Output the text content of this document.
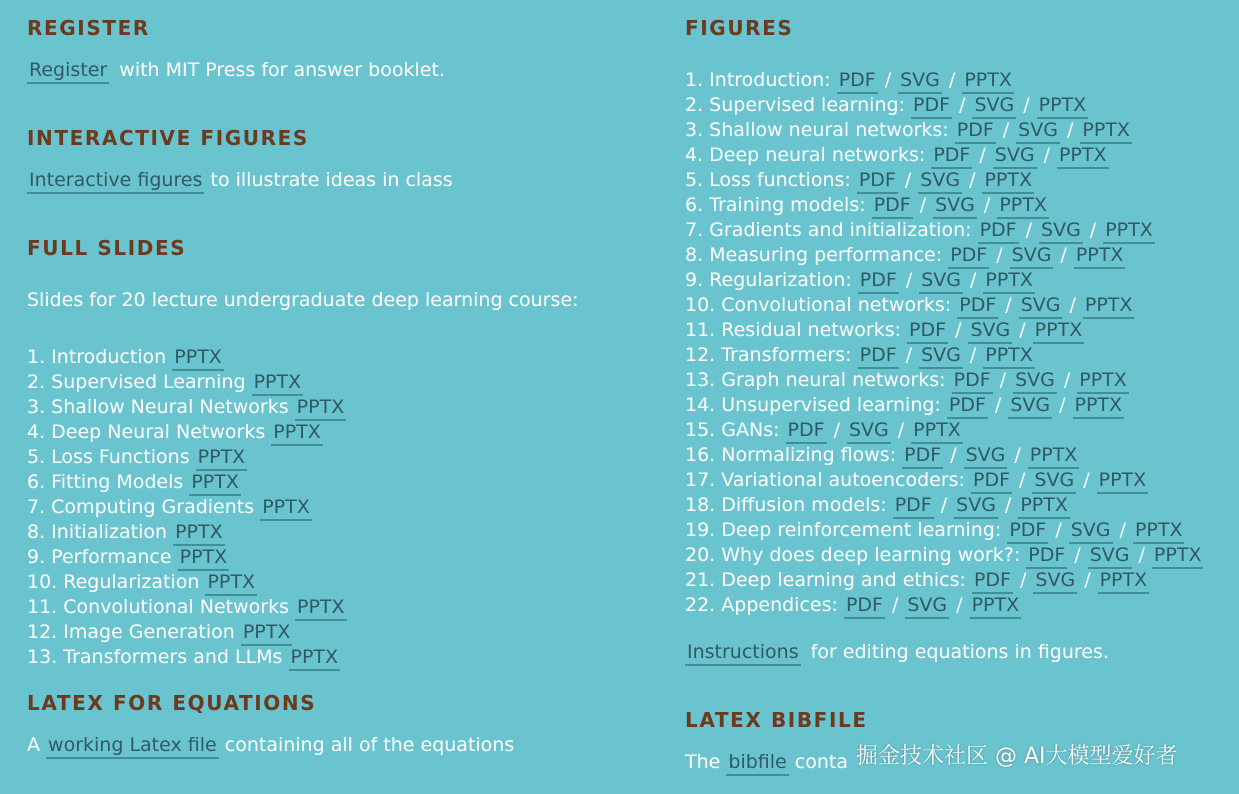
REGISTER
Register with MIT Press for answer booklet.
INTERACTIVE FIGURES
Interactive figures to illustrate ideas in class
FULL SLIDES
Slides for 20 lecture undergraduate deep learning course:
1. Introduction PPTX
2. Supervised Learning PPTX
3. Shallow Neural Networks PPTX
4. Deep Neural Networks PPTX
5. Loss Functions PPTX
6. Fitting Models PPTX
7. Computing Gradients PPTX
8. Initialization PPTX
9. Performance PPTX
10. Regularization PPTX
11. Convolutional Networks PPTX
12. Image Generation PPTX
13. Transformers and LLMs PPTX
LATEX FOR EQUATIONS
A working Latex file containing all of the equations
FIGURES
1. Introduction: PDF / SVG / PPTX
2. Supervised learning: PDF / SVG / PPTX
3. Shallow neural networks: PDF / SVG / PPTX
4. Deep neural networks: PDF / SVG / PPTX
5. Loss functions: PDF / SVG / PPTX
6. Training models: PDF / SVG / PPTX
7. Gradients and initialization: PDF / SVG / PPTX
8. Measuring performance: PDF / SVG / PPTX
9. Regularization: PDF / SVG / PPTX
10. Convolutional networks: PDF / SVG / PPTX
11. Residual networks: PDF / SVG / PPTX
12. Transformers: PDF / SVG / PPTX
13. Graph neural networks: PDF / SVG / PPTX
14. Unsupervised learning: PDF / SVG / PPTX
15. GANs: PDF / SVG / PPTX
16. Normalizing flows: PDF / SVG / PPTX
17. Variational autoencoders: PDF / SVG / PPTX
18. Diffusion models: PDF / SVG / PPTX
19. Deep reinforcement learning: PDF / SVG / PPTX
20. Why does deep learning work?: PDF / SVG / PPTX
21. Deep learning and ethics: PDF / SVG / PPTX
22. Appendices: PDF / SVG / PPTX
Instructions for editing equations in figures.
LATEX BIBFILE
The bibfile conta 掘金技术社区 @ AI大模型爱好者
